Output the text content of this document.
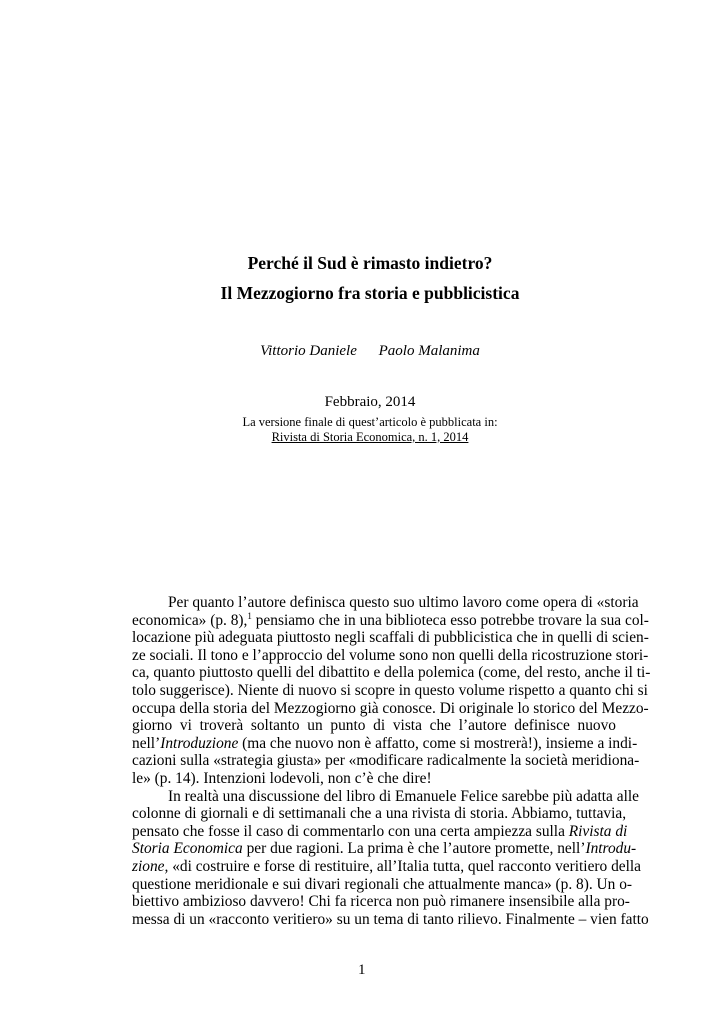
Perché il Sud è rimasto indietro?
Il Mezzogiorno fra storia e pubblicistica
Vittorio Daniele Paolo Malanima
Febbraio, 2014
La versione finale di quest’articolo è pubblicata in:
Rivista di Storia Economica, n. 1, 2014
Per quanto l’autore definisca questo suo ultimo lavoro come opera di «storia
economica» (p. 8),$^1$ pensiamo che in una biblioteca esso potrebbe trovare la sua col-
locazione più adeguata piuttosto negli scaffali di pubblicistica che in quelli di scien-
ze sociali. Il tono e l’approccio del volume sono non quelli della ricostruzione stori-
ca, quanto piuttosto quelli del dibattito e della polemica (come, del resto, anche il ti-
tolo suggerisce). Niente di nuovo si scopre in questo volume rispetto a quanto chi si
occupa della storia del Mezzogiorno già conosce. Di originale lo storico del Mezzo-
giorno vi troverà soltanto un punto di vista che l’autore definisce nuovo
nell’Introduzione (ma che nuovo non è affatto, come si mostrerà!), insieme a indi-
cazioni sulla «strategia giusta» per «modificare radicalmente la società meridiona-
le» (p. 14). Intenzioni lodevoli, non c’è che dire!
In realtà una discussione del libro di Emanuele Felice sarebbe più adatta alle
colonne di giornali e di settimanali che a una rivista di storia. Abbiamo, tuttavia,
pensato che fosse il caso di commentarlo con una certa ampiezza sulla Rivista di
Storia Economica per due ragioni. La prima è che l’autore promette, nell’Introdu-
zione, «di costruire e forse di restituire, all’Italia tutta, quel racconto veritiero della
questione meridionale e sui divari regionali che attualmente manca» (p. 8). Un o-
biettivo ambizioso davvero! Chi fa ricerca non può rimanere insensibile alla pro-
messa di un «racconto veritiero» su un tema di tanto rilievo. Finalmente – vien fatto
1
